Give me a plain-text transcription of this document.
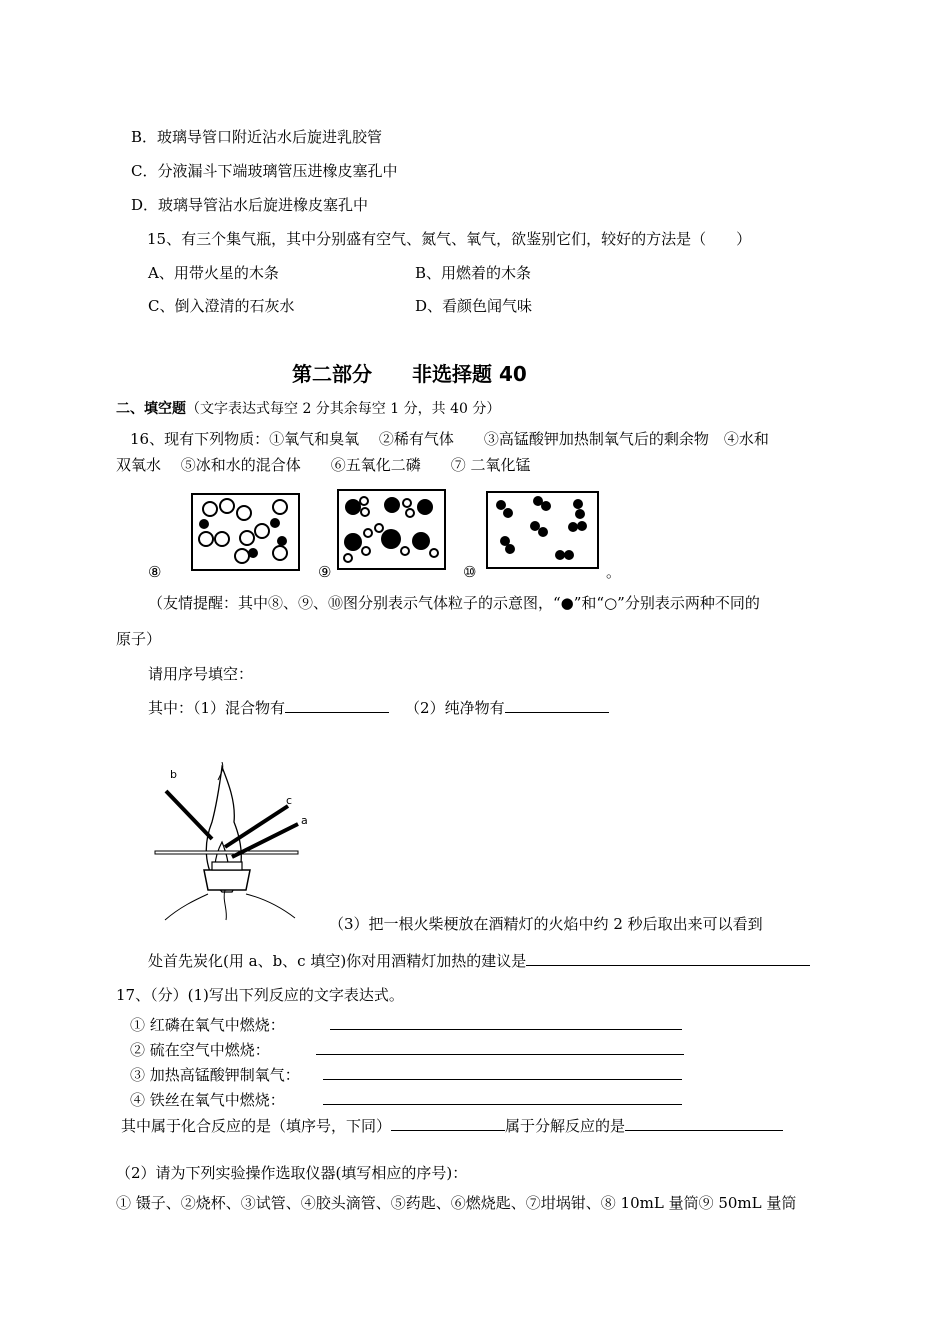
B．玻璃导管口附近沾水后旋进乳胶管
C．分液漏斗下端玻璃管压进橡皮塞孔中
D．玻璃导管沾水后旋进橡皮塞孔中
15、有三个集气瓶，其中分别盛有空气、氮气、氧气，欲鉴别它们，较好的方法是（　　）
A、用带火星的木条	B、用燃着的木条
C、倒入澄清的石灰水	D、看颜色闻气味
第二部分　　非选择题 40
二、填空题（文字表达式每空 2 分其余每空 1 分，共 40 分）
16、现有下列物质：①氧气和臭氧　 ②稀有气体　　③高锰酸钾加热制氧气后的剩余物　④水和
双氧水　 ⑤冰和水的混合体　　⑥五氧化二磷　　⑦ 二氧化锰
⑧	⑨	⑩	。
（友情提醒：其中⑧、⑨、⑩图分别表示气体粒子的示意图，“●”和“○”分别表示两种不同的
原子）
请用序号填空：
其中：（1）混合物有	（2）纯净物有
b
c
a
（3）把一根火柴梗放在酒精灯的火焰中约 2 秒后取出来可以看到
处首先炭化(用 a、b、c 填空)你对用酒精灯加热的建议是
17、（分）(1)写出下列反应的文字表达式。
① 红磷在氧气中燃烧：
② 硫在空气中燃烧：
③ 加热高锰酸钾制氧气：
④ 铁丝在氧气中燃烧：
其中属于化合反应的是（填序号，下同）	属于分解反应的是
（2）请为下列实验操作选取仪器(填写相应的序号)：
① 镊子、②烧杯、③试管、④胶头滴管、⑤药匙、⑥燃烧匙、⑦坩埚钳、⑧ 10mL 量筒⑨ 50mL 量筒
